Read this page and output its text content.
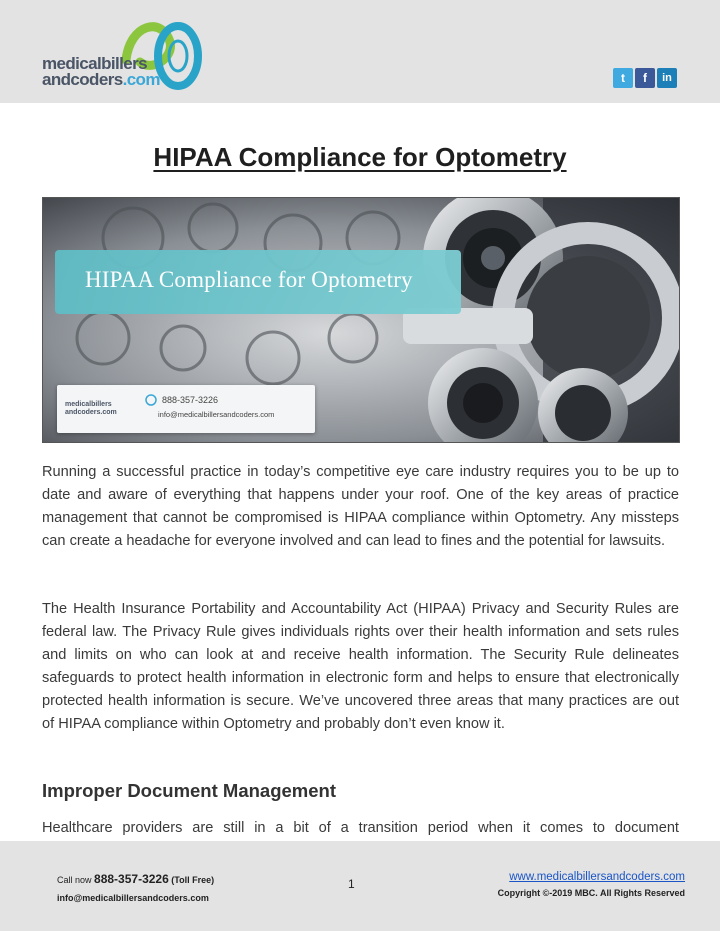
medicalbillers
andcoders.com	t	f	in
HIPAA Compliance for Optometry
HIPAA Compliance for Optometry
medicalbillers
andcoders.com
888-357-3226
info@medicalbillersandcoders.com

Running a successful practice in today’s competitive eye care industry requires you to be up to date and aware of everything that happens under your roof. One of the key areas of practice management that cannot be compromised is HIPAA compliance within Optometry. Any missteps can create a headache for everyone involved and can lead to fines and the potential for lawsuits.

The Health Insurance Portability and Accountability Act (HIPAA) Privacy and Security Rules are federal law. The Privacy Rule gives individuals rights over their health information and sets rules and limits on who can look at and receive health information. The Security Rule delineates safeguards to protect health information in electronic form and helps to ensure that electronically protected health information is secure. We’ve uncovered three areas that many practices are out of HIPAA compliance within Optometry and probably don’t even know it.

Improper Document Management

Healthcare providers are still in a bit of a transition period when it comes to document

Call now 888-357-3226 (Toll Free)
info@medicalbillersandcoders.com
1	www.medicalbillersandcoders.com
Copyright ©-2019 MBC. All Rights Reserved
